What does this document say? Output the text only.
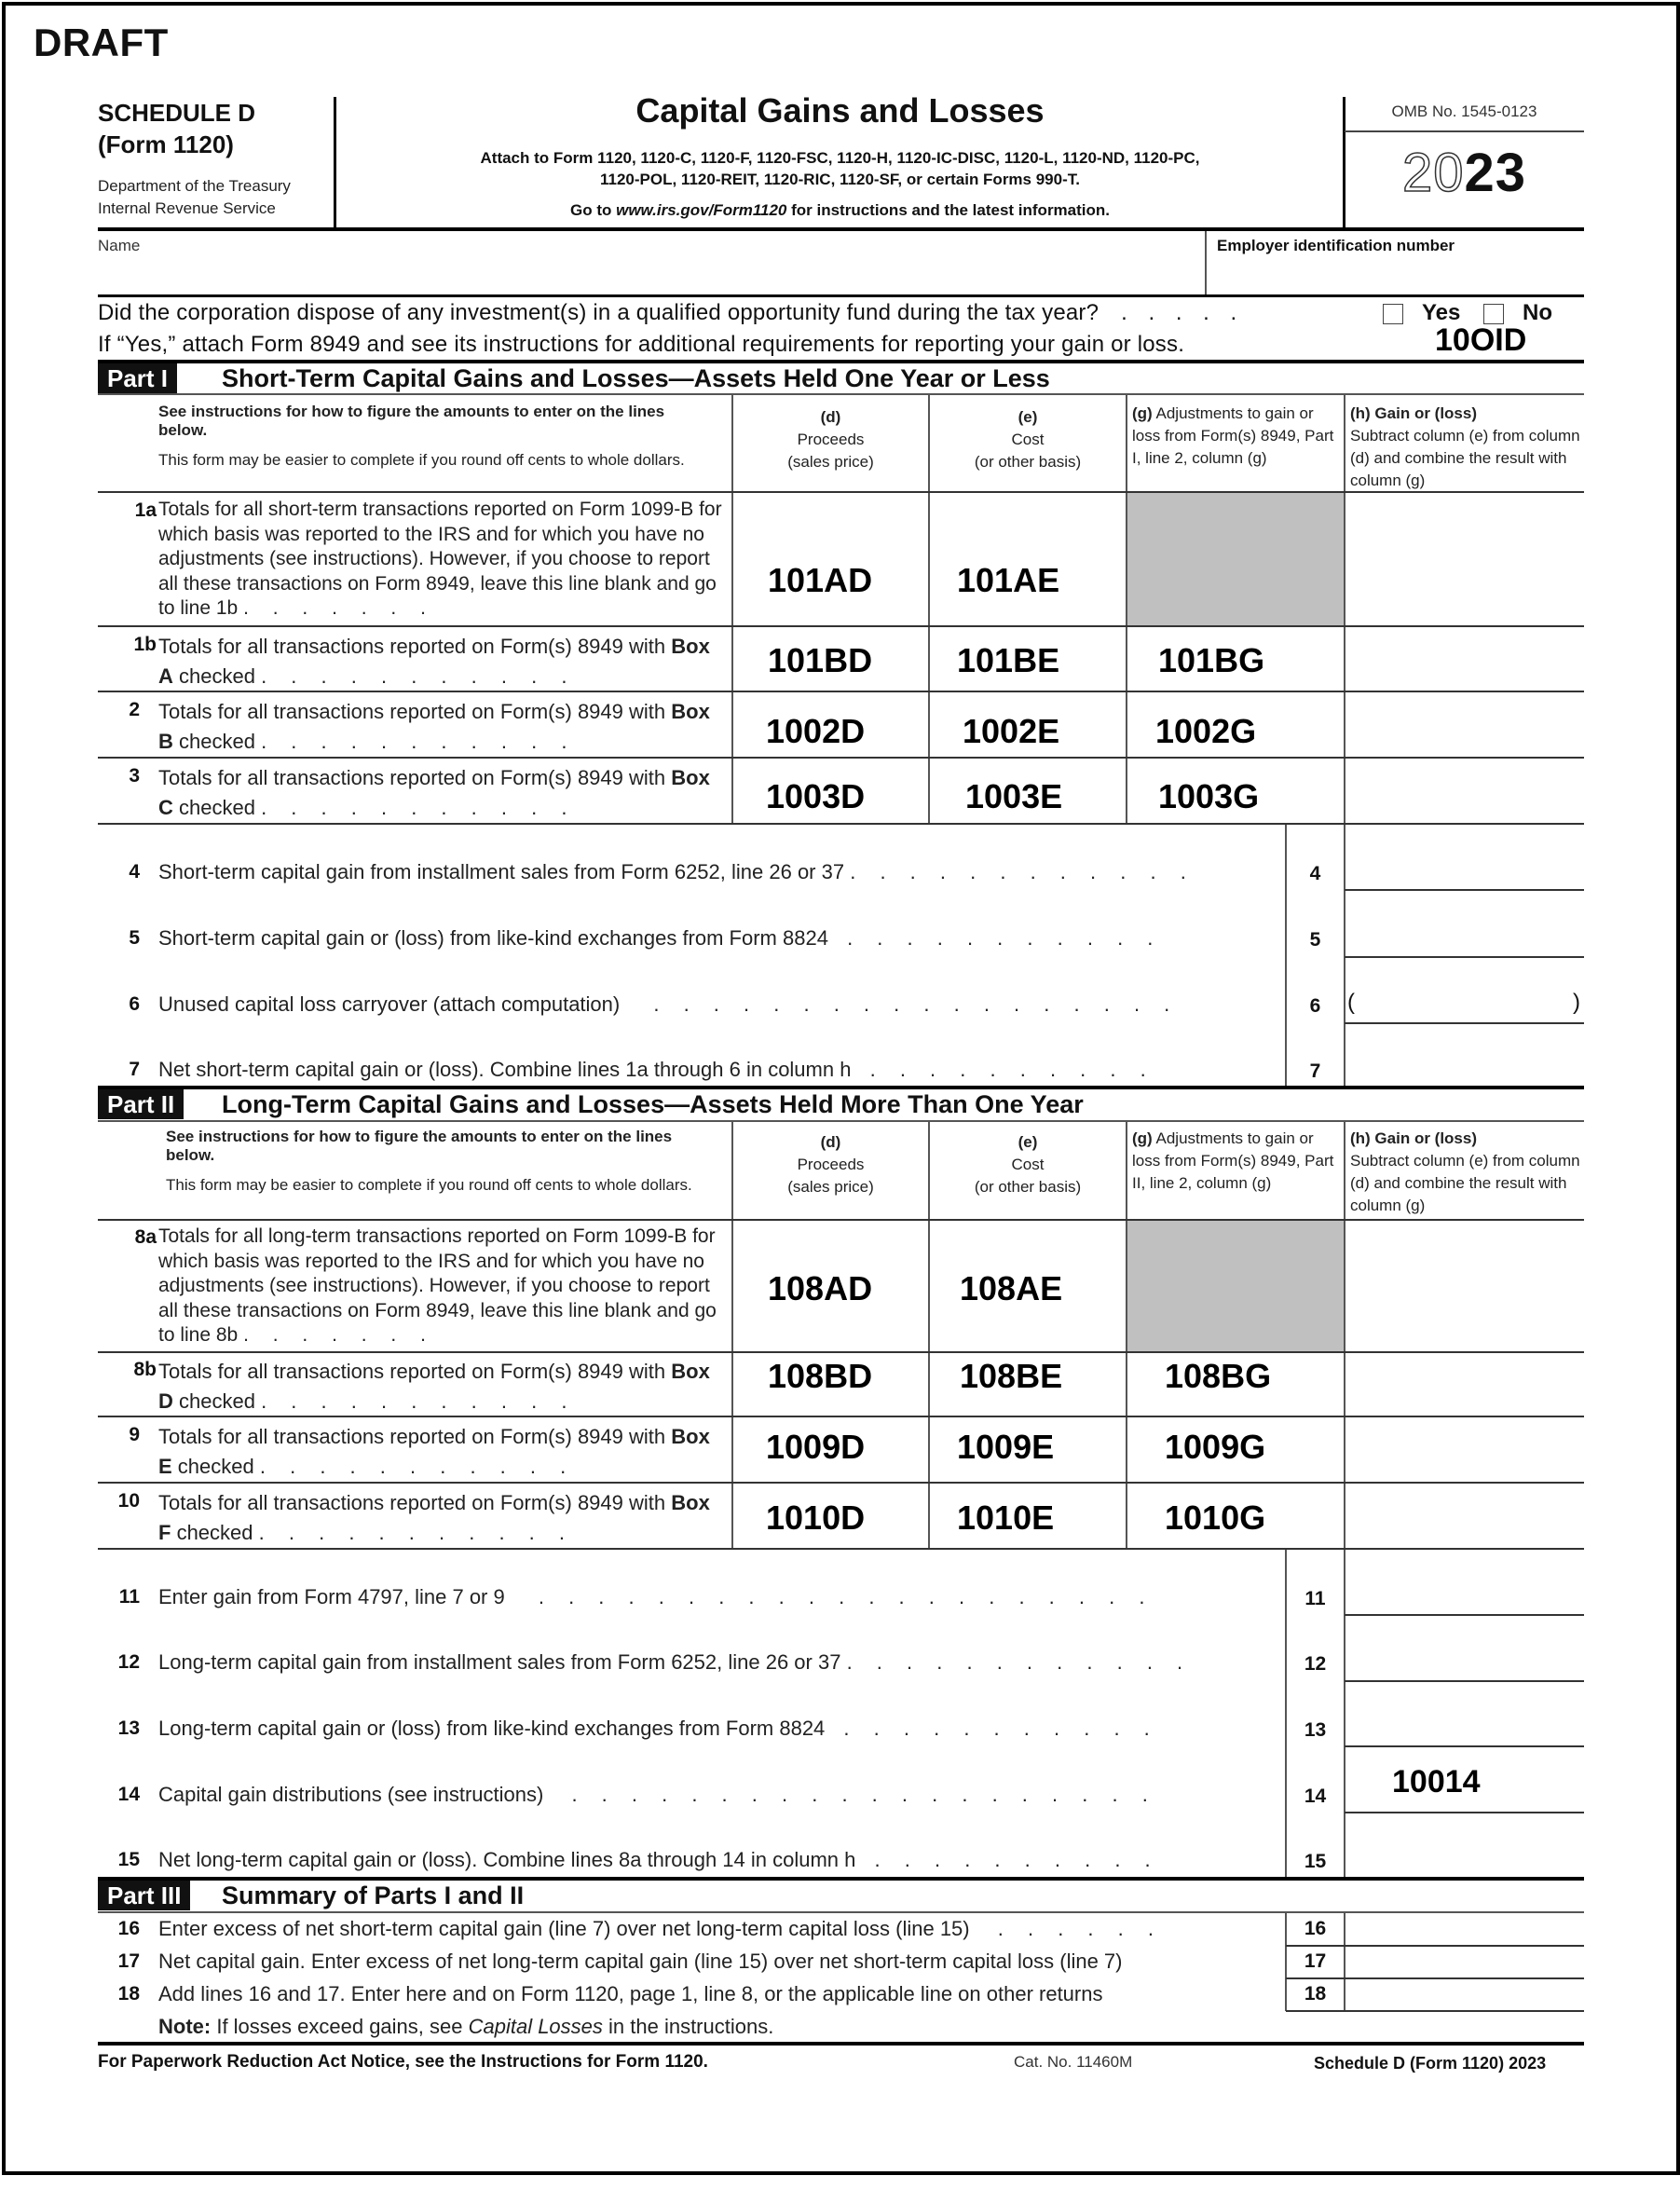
DRAFT
SCHEDULE D
(Form 1120)
Department of the Treasury
Internal Revenue Service
Capital Gains and Losses
Attach to Form 1120, 1120-C, 1120-F, 1120-FSC, 1120-H, 1120-IC-DISC, 1120-L, 1120-ND, 1120-PC,
1120-POL, 1120-REIT, 1120-RIC, 1120-SF, or certain Forms 990-T.
Go to www.irs.gov/Form1120 for instructions and the latest information.
OMB No. 1545-0123
2023
Name	Employer identification number
Did the corporation dispose of any investment(s) in a qualified opportunity fund during the tax year? . . . . .
If “Yes,” attach Form 8949 and see its instructions for additional requirements for reporting your gain or loss.
Yes	No
10OID
Part I	Short-Term Capital Gains and Losses—Assets Held One Year or Less
See instructions for how to figure the amounts to enter on the lines below.
This form may be easier to complete if you round off cents to whole dollars.
(d)
Proceeds
(sales price)
(e)
Cost
(or other basis)
(g) Adjustments to gain or loss from Form(s) 8949, Part I, line 2, column (g)
(h) Gain or (loss)
Subtract column (e) from column (d) and combine the result with column (g)
1a Totals for all short-term transactions reported on Form 1099-B for which basis was reported to the IRS and for which you have no adjustments (see instructions). However, if you choose to report all these transactions on Form 8949, leave this line blank and go to line 1b . . . . . . .
101AD	101AE
1b Totals for all transactions reported on Form(s) 8949 with Box A checked . . . . . . . . . . .	101BD	101BE	101BG
2 Totals for all transactions reported on Form(s) 8949 with Box B checked . . . . . . . . . . .	1002D	1002E	1002G
3 Totals for all transactions reported on Form(s) 8949 with Box C checked . . . . . . . . . . .	1003D	1003E	1003G
4 Short-term capital gain from installment sales from Form 6252, line 26 or 37 . . . . . . . . . . . .	4
5 Short-term capital gain or (loss) from like-kind exchanges from Form 8824 . . . . . . . . . . .	5
6 Unused capital loss carryover (attach computation) . . . . . . . . . . . . . . . . . .	6	(	)
7 Net short-term capital gain or (loss). Combine lines 1a through 6 in column h . . . . . . . . . .	7
Part II	Long-Term Capital Gains and Losses—Assets Held More Than One Year
See instructions for how to figure the amounts to enter on the lines below.
This form may be easier to complete if you round off cents to whole dollars.
(d)
Proceeds
(sales price)
(e)
Cost
(or other basis)
(g) Adjustments to gain or loss from Form(s) 8949, Part II, line 2, column (g)
(h) Gain or (loss)
Subtract column (e) from column (d) and combine the result with column (g)
8a Totals for all long-term transactions reported on Form 1099-B for which basis was reported to the IRS and for which you have no adjustments (see instructions). However, if you choose to report all these transactions on Form 8949, leave this line blank and go to line 8b . . . . . . .
108AD	108AE
8b Totals for all transactions reported on Form(s) 8949 with Box D checked . . . . . . . . . . .
108BD	108BE	108BG
9 Totals for all transactions reported on Form(s) 8949 with Box E checked . . . . . . . . . . .
1009D	1009E	1009G
10 Totals for all transactions reported on Form(s) 8949 with Box F checked . . . . . . . . . . .	1010D	1010E	1010G
11 Enter gain from Form 4797, line 7 or 9 . . . . . . . . . . . . . . . . . . . . .	11
12 Long-term capital gain from installment sales from Form 6252, line 26 or 37 . . . . . . . . . . . .	12
13 Long-term capital gain or (loss) from like-kind exchanges from Form 8824 . . . . . . . . . . .	13
14 Capital gain distributions (see instructions) . . . . . . . . . . . . . . . . . . . .	14	10014
15 Net long-term capital gain or (loss). Combine lines 8a through 14 in column h . . . . . . . . . .	15
Part III	Summary of Parts I and II
16 Enter excess of net short-term capital gain (line 7) over net long-term capital loss (line 15) . . . . . .	16
17 Net capital gain. Enter excess of net long-term capital gain (line 15) over net short-term capital loss (line 7)	17
18 Add lines 16 and 17. Enter here and on Form 1120, page 1, line 8, or the applicable line on other returns	18
Note: If losses exceed gains, see Capital Losses in the instructions.
For Paperwork Reduction Act Notice, see the Instructions for Form 1120.	Cat. No. 11460M	Schedule D (Form 1120) 2023
